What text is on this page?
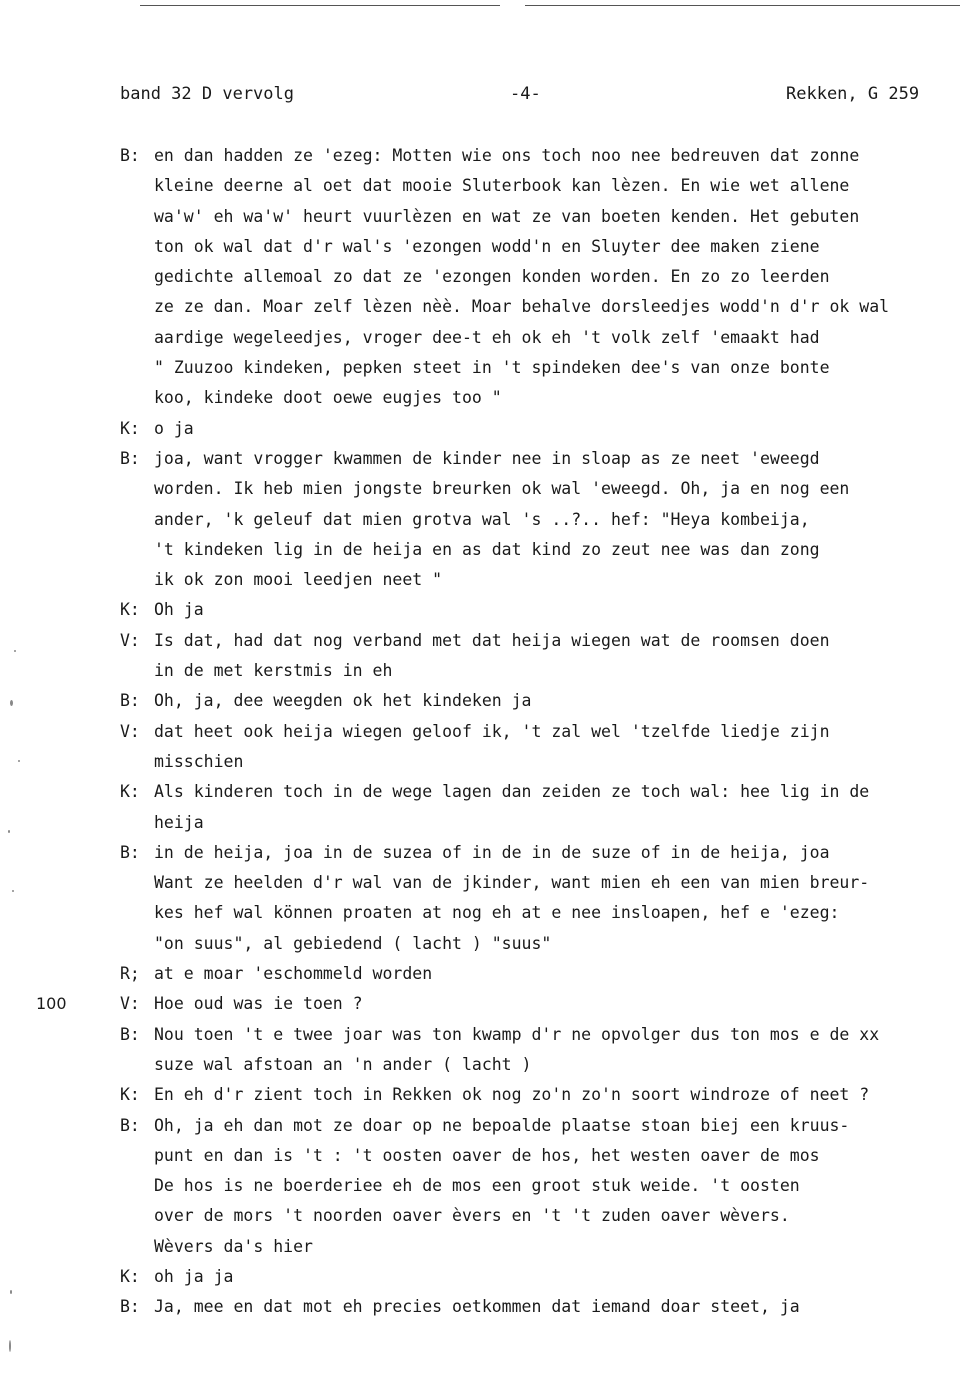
band 32 D vervolg	-4-	Rekken, G 259
B: en dan hadden ze 'ezeg: Motten wie ons toch noo nee bedreuven dat zonne
kleine deerne al oet dat mooie Sluterbook kan lèzen. En wie wet allene
wa'w' eh wa'w' heurt vuurlèzen en wat ze van boeten kenden. Het gebuten
ton ok wal dat d'r wal's 'ezongen wodd'n en Sluyter dee maken ziene
gedichte allemoal zo dat ze 'ezongen konden worden. En zo zo leerden
ze ze dan. Moar zelf lèzen nèè. Moar behalve dorsleedjes wodd'n d'r ok wal
aardige wegeleedjes, vroger dee-t eh ok eh 't volk zelf 'emaakt had
" Zuuzoo kindeken, pepken steet in 't spindeken dee's van onze bonte
koo, kindeke doot oewe eugjes too "
K: o ja
B: joa, want vrogger kwammen de kinder nee in sloap as ze neet 'eweegd
worden. Ik heb mien jongste breurken ok wal 'eweegd. Oh, ja en nog een
ander, 'k geleuf dat mien grotva wal 's ..?.. hef: "Heya kombeija,
't kindeken lig in de heija en as dat kind zo zeut nee was dan zong
ik ok zon mooi leedjen neet "
K: Oh ja
V: Is dat, had dat nog verband met dat heija wiegen wat de roomsen doen
in de met kerstmis in eh
B: Oh, ja, dee weegden ok het kindeken ja
V: dat heet ook heija wiegen geloof ik, 't zal wel 'tzelfde liedje zijn
misschien
K: Als kinderen toch in de wege lagen dan zeiden ze toch wal: hee lig in de
heija
B: in de heija, joa in de suzea of in de in de suze of in de heija, joa
Want ze heelden d'r wal van de jkinder, want mien eh een van mien breur-
kes hef wal können proaten at nog eh at e nee insloapen, hef e 'ezeg:
"on suus", al gebiedend ( lacht ) "suus"
R; at e moar 'eschommeld worden
100	V: Hoe oud was ie toen ?
B: Nou toen 't e twee joar was ton kwamp d'r ne opvolger dus ton mos e de xx
suze wal afstoan an 'n ander ( lacht )
K: En eh d'r zient toch in Rekken ok nog zo'n zo'n soort windroze of neet ?
B: Oh, ja eh dan mot ze doar op ne bepoalde plaatse stoan biej een kruus-
punt en dan is 't : 't oosten oaver de hos, het westen oaver de mos
De hos is ne boerderiee eh de mos een groot stuk weide. 't oosten
over de mors 't noorden oaver èvers en 't 't zuden oaver wèvers.
Wèvers da's hier
K: oh ja ja
B: Ja, mee en dat mot eh precies oetkommen dat iemand doar steet, ja
